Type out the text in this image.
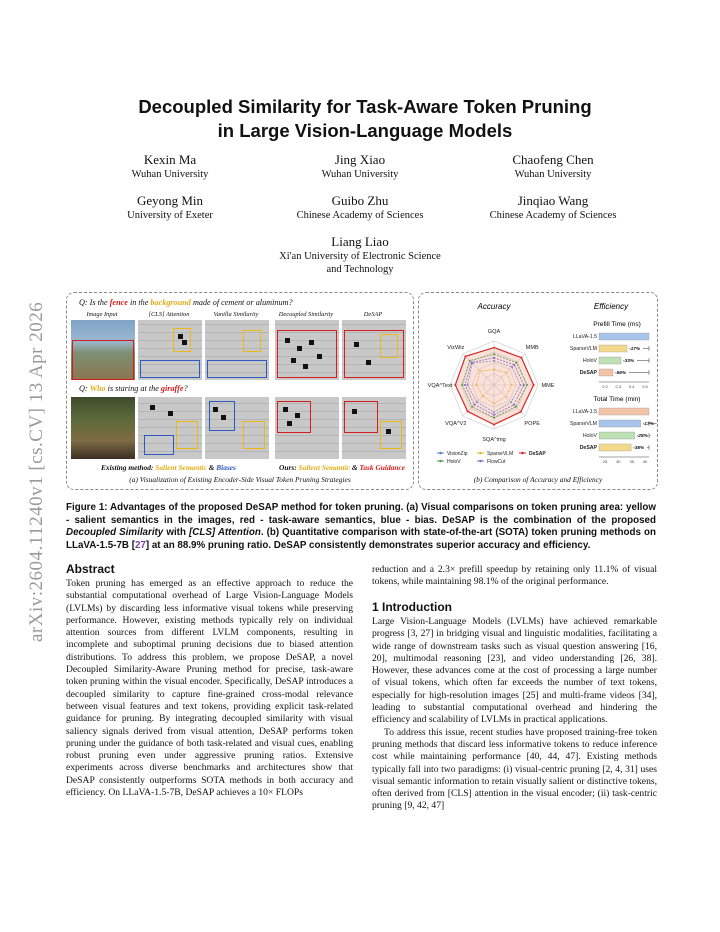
arXiv:2604.11240v1 [cs.CV] 13 Apr 2026
Decoupled Similarity for Task-Aware Token Pruning
in Large Vision-Language Models
Kexin Ma
Wuhan University
Jing Xiao
Wuhan University
Chaofeng Chen
Wuhan University
Geyong Min
University of Exeter
Guibo Zhu
Chinese Academy of Sciences
Jinqiao Wang
Chinese Academy of Sciences
Liang Liao
Xi'an University of Electronic Science
and Technology
Q: Is the fence in the background made of cement or aluminum?
Image Input	[CLS] Attention	Vanilla Similarity	Decoupled Similarity	DeSAP
Q: Who is staring at the giraffe?
Existing method: Salient Semantic & Biases	Ours: Salient Semantic & Task Guidance
(a) Visualization of Existing Encoder-Side Visual Token Pruning Strategies
Accuracy	Efficiency
Prefill Time (ms)
Total Time (min)
GQA
MMB
MME
POPE
SQA^img
VQA^V2
VQA^Text
VizWiz
LLaVA-1.5
SparseVLM	-17%
HoloV	-33%
DeSAP	-56%
0.2 0.3 0.4 0.5
LLaVA-1.5
SparseVLM	-17%
HoloV	-28%
DeSAP	-35%
25 30 35 40
VisionZip	SparseVLM	DeSAP
HoloV	FlowCut
(b) Comparison of Accuracy and Efficiency
Figure 1: Advantages of the proposed DeSAP method for token pruning. (a) Visual comparisons on token pruning area: yellow - salient semantics in the images, red - task-aware semantics, blue - bias. DeSAP is the combination of the proposed Decoupled Similarity with [CLS] Attention. (b) Quantitative comparison with state-of-the-art (SOTA) token pruning methods on LLaVA-1.5-7B [27] at an 88.9% pruning ratio. DeSAP consistently demonstrates superior accuracy and efficiency.
Abstract

Token pruning has emerged as an effective approach to reduce the substantial computational overhead of Large Vision-Language Models (LVLMs) by discarding less informative visual tokens while preserving performance. However, existing methods typically rely on individual attention sources from different LVLM components, resulting in incomplete and suboptimal pruning decisions due to biased attention distributions. To address this problem, we propose DeSAP, a novel Decoupled Similarity-Aware Pruning method for precise, task-aware token pruning within the visual encoder. Specifically, DeSAP introduces a decoupled similarity to capture fine-grained cross-modal relevance between visual features and text tokens, providing explicit task-related guidance for pruning. By integrating decoupled similarity with visual saliency signals derived from visual attention, DeSAP performs token pruning under the guidance of both task-related and visual cues, enabling robust pruning even under aggressive pruning ratios. Extensive experiments across diverse benchmarks and architectures show that DeSAP consistently outperforms SOTA methods in both accuracy and efficiency. On LLaVA-1.5-7B, DeSAP achieves a 10× FLOPs

reduction and a 2.3× prefill speedup by retaining only 11.1% of visual tokens, while maintaining 98.1% of the original performance.

1 Introduction

Large Vision-Language Models (LVLMs) have achieved remarkable progress [3, 27] in bridging visual and linguistic modalities, facilitating a wide range of downstream tasks such as visual question answering [16, 20], multimodal reasoning [23], and video understanding [26, 38]. However, these advances come at the cost of processing a large number of visual tokens, which often far exceeds the number of text tokens, especially for high-resolution images [25] and multi-frame videos [34], leading to substantial computational overhead and hindering the efficiency and scalability of LVLMs in practical applications.

To address this issue, recent studies have proposed training-free token pruning methods that discard less informative tokens to reduce inference cost while maintaining performance [40, 44, 47]. Existing methods typically fall into two paradigms: (i) visual-centric pruning [2, 4, 31] uses visual semantic information to retain visually salient or distinctive tokens, often derived from [CLS] attention in the visual encoder; (ii) task-centric pruning [9, 42, 47]
